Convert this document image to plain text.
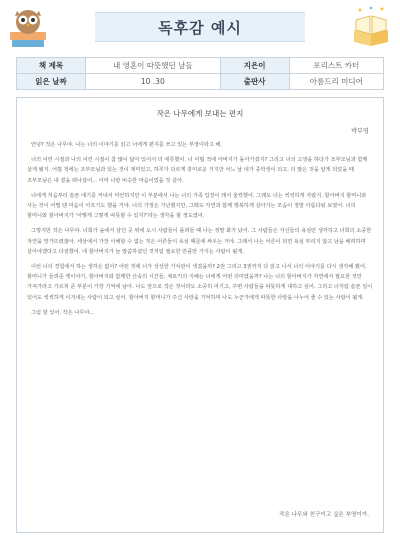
독후감 예시
책 제목	내 영혼이 따뜻했던 날들	지은이	포리스트 카터
읽은 날짜	10 .30	출판사	아름드리 미디어
작은 나무에게 보내는 편지
박부영

안녕? 작은 나무야. 나는 너의 이야기를 읽고 너에게 편지를 쓰고 있는 부영이라고 해.

너의 어린 시절과 나의 어린 시절이 참 많이 닮아 있어서 더 애틋했어. 너 어릴 적에 아버지가 돌아가셨지? 그리고 너의 고생을 하다가 조부모님과 함께 살게 됐지. 어릴 적에는 조부모님과 있는 것이 재미있고, 하루가 다르게 흥미로운 거지만 어느 날 내가 중학생이 되고, 더 많은 것을 알게 되었을 때 조부모님은 내 곁을 떠나셨어... 아마 너랑 비슷한 마음이었을 것 같아.

너에게 처음부터 슬픈 얘기를 꺼내서 미안하지만 이 부분에서 나는 너의 가족 입장이 돼서 울컥했어. 그래도 너는 씩씩하게 자랐지. 할아버지 할머니와 사는 것이 어떨 땐 마음이 아프기도 했을 거야. 너의 가정은 가난했지만, 그래도 자연과 함께 행복하게 살아가는 모습이 정말 아름다워 보였어. 너의 할머니와 할아버지가 '어떻게 그렇게 따뜻할 수 있지?'라는 생각을 할 정도였어.

그렇지만 작은 나무야. 너희가 숲에서 살던 곳 위에 도시 사람들이 몰려들 때 나는 정말 화가 났어. 그 사람들은 자신들의 욕심만 생각하고 너희의 소중한 자연을 망가뜨렸잖아. 세상에서 가장 이해할 수 없는 것은 어른들이 욕심 때문에 싸우는 거야. 그래서 나는 어른이 되면 욕심 부리지 않고 남을 배려하며 살아야겠다고 다짐했어. 네 할아버지가 늘 말씀하셨던 것처럼 필요한 만큼만 가지는 사람이 될게.

이런 너의 경험에서 하는 생각은 없어? 어떤 것에 너가 상상한 가치관이 생겼을까? 2권 그리고 3권까지 다 읽고 나서 너의 이야기를 다시 생각해 봤어. 할머니가 들려준 옛이야기, 할아버지와 함께한 산속의 시간들, 체로키의 지혜는 너에게 어떤 의미였을까? 나는 너의 할아버지가 자연에서 필요한 것만 가져가라고 가르쳐 준 부분이 가장 기억에 남아. 나도 앞으로 작은 것이라도 소중히 여기고, 주변 사람들을 따뜻하게 대하고 싶어. 그리고 너처럼 슬픈 일이 있어도 씩씩하게 이겨내는 사람이 되고 싶어. 할아버지 할머니가 주신 사랑을 기억하며 나도 누군가에게 따뜻한 사랑을 나누어 줄 수 있는 사람이 될게.

그럼 잘 있어. 작은 나무야...

작은 나무와 친구이고 싶은 부영이가.
